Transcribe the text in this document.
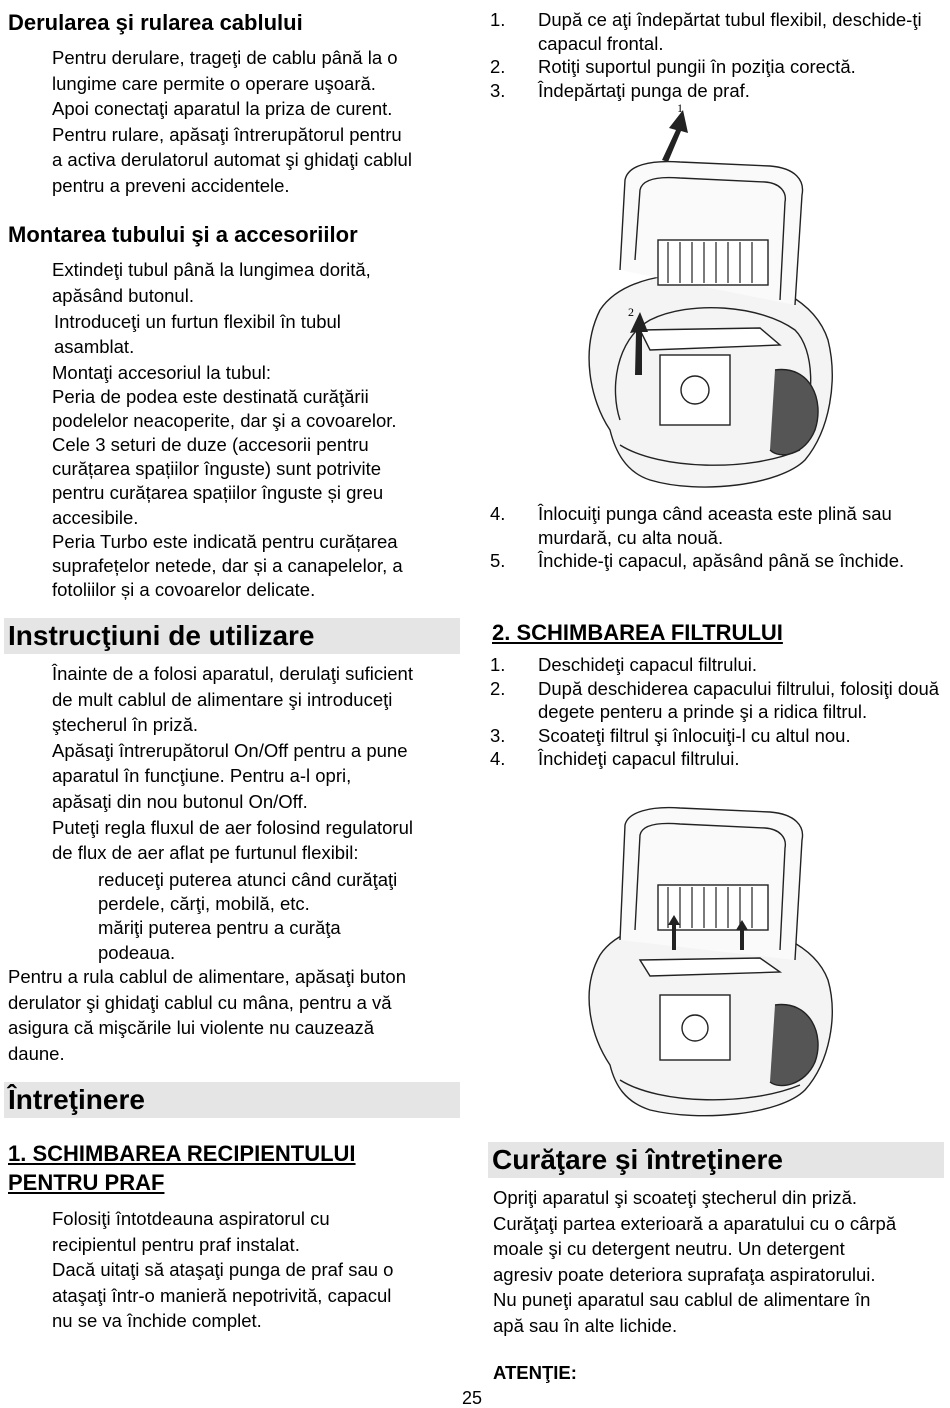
Derularea şi rularea cablului
Pentru derulare, trageţi de cablu până la o
lungime care permite o operare uşoară.
Apoi conectaţi aparatul la priza de curent.
Pentru rulare, apăsaţi întrerupătorul pentru
a activa derulatorul automat şi ghidaţi cablul
pentru a preveni accidentele.
Montarea tubului şi a accesoriilor
Extindeţi tubul până la lungimea dorită,
apăsând butonul.
Introduceţi un furtun flexibil în tubul
asamblat.
Montaţi accesoriul la tubul:
Peria de podea este destinată curăţării
podelelor neacoperite, dar şi a covoarelor.
Cele 3 seturi de duze (accesorii pentru
curățarea spațiilor înguste) sunt potrivite
pentru curățarea spațiilor înguste și greu
accesibile.
Peria Turbo este indicată pentru curățarea
suprafețelor netede, dar și a canapelelor, a
fotoliilor și a covoarelor delicate.
Instrucţiuni de utilizare
Înainte de a folosi aparatul, derulaţi suficient
de mult cablul de alimentare şi introduceţi
ştecherul în priză.
Apăsaţi întrerupătorul On/Off pentru a pune
aparatul în funcţiune. Pentru a-l opri,
apăsaţi din nou butonul On/Off.
Puteţi regla fluxul de aer folosind regulatorul
de flux de aer aflat pe furtunul flexibil:
reduceţi puterea atunci când curăţaţi
perdele, cărţi, mobilă, etc.
măriţi puterea pentru a curăţa
podeaua.
Pentru a rula cablul de alimentare, apăsaţi buton
derulator şi ghidaţi cablul cu mâna, pentru a vă
asigura că mişcările lui violente nu cauzează
daune.
Întreţinere
1. SCHIMBAREA RECIPIENTULUI
PENTRU PRAF
Folosiţi întotdeauna aspiratorul cu
recipientul pentru praf instalat.
Dacă uitaţi să ataşaţi punga de praf sau o
ataşaţi într-o manieră nepotrivită, capacul
nu se va închide complet.
1.	După ce aţi îndepărtat tubul flexibil, deschide-ţi capacul frontal.
2.	Rotiţi suportul pungii în poziţia corectă.
3.	Îndepărtaţi punga de praf.
1
2
4.	Înlocuiţi punga când aceasta este plină sau murdară, cu alta nouă.
5.	Închide-ţi capacul, apăsând până se închide.
2. SCHIMBAREA FILTRULUI
1.	Deschideţi capacul filtrului.
2.	După deschiderea capacului filtrului, folosiţi două degete penteru a prinde şi a ridica filtrul.
3.	Scoateţi filtrul şi înlocuiţi-l cu altul nou.
4.	Închideţi capacul filtrului.
Curăţare şi întreţinere
Opriţi aparatul şi scoateţi ştecherul din priză.
Curăţaţi partea exterioară a aparatului cu o cârpă
moale şi cu detergent neutru. Un detergent
agresiv poate deteriora suprafaţa aspiratorului.
Nu puneţi aparatul sau cablul de alimentare în
apă sau în alte lichide.
ATENŢIE:
25
